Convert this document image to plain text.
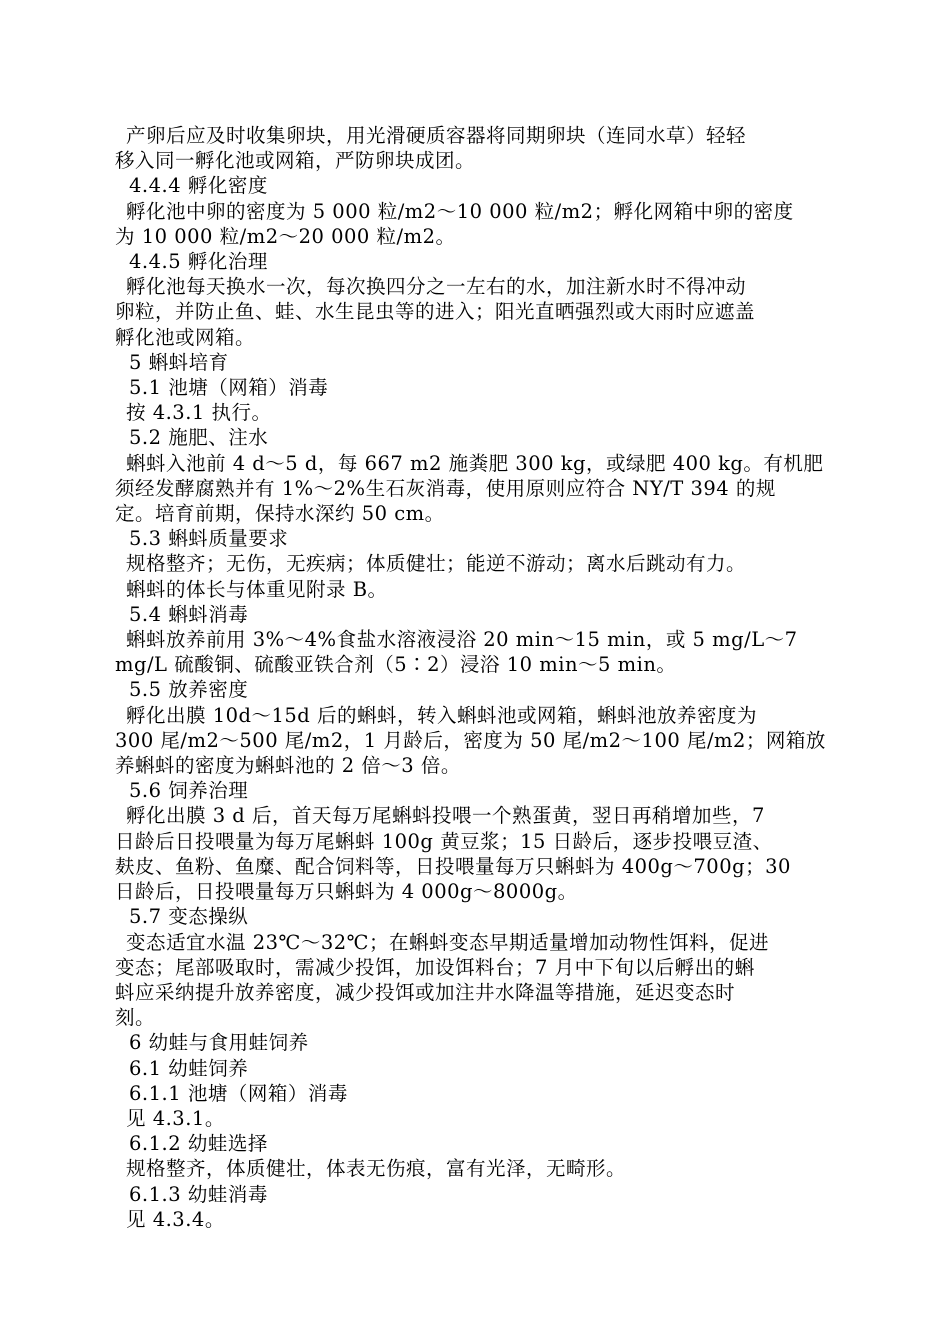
产卵后应及时收集卵块，用光滑硬质容器将同期卵块（连同水草）轻轻

移入同一孵化池或网箱，严防卵块成团。

4.4.4 孵化密度

孵化池中卵的密度为 5 000 粒/m2～10 000 粒/m2；孵化网箱中卵的密度

为 10 000 粒/m2～20 000 粒/m2。

4.4.5 孵化治理

孵化池每天换水一次，每次换四分之一左右的水，加注新水时不得冲动

卵粒，并防止鱼、蛙、水生昆虫等的进入；阳光直晒强烈或大雨时应遮盖

孵化池或网箱。

5 蝌蚪培育

5.1 池塘（网箱）消毒

按 4.3.1 执行。

5.2 施肥、注水

蝌蚪入池前 4 d～5 d，每 667 m2 施粪肥 300 kg，或绿肥 400 kg。有机肥

须经发酵腐熟并有 1%～2%生石灰消毒，使用原则应符合 NY/T 394 的规

定。培育前期，保持水深约 50 cm。

5.3 蝌蚪质量要求

规格整齐；无伤，无疾病；体质健壮；能逆不游动；离水后跳动有力。

蝌蚪的体长与体重见附录 B。

5.4 蝌蚪消毒

蝌蚪放养前用 3%～4%食盐水溶液浸浴 20 min～15 min，或 5 mg/L～7

mg/L 硫酸铜、硫酸亚铁合剂（5∶2）浸浴 10 min～5 min。

5.5 放养密度

孵化出膜 10d～15d 后的蝌蚪，转入蝌蚪池或网箱，蝌蚪池放养密度为

300 尾/m2～500 尾/m2，1 月龄后，密度为 50 尾/m2～100 尾/m2；网箱放

养蝌蚪的密度为蝌蚪池的 2 倍～3 倍。

5.6 饲养治理

孵化出膜 3 d 后，首天每万尾蝌蚪投喂一个熟蛋黄，翌日再稍增加些，7

日龄后日投喂量为每万尾蝌蚪 100g 黄豆浆；15 日龄后，逐步投喂豆渣、

麸皮、鱼粉、鱼糜、配合饲料等，日投喂量每万只蝌蚪为 400g～700g；30

日龄后，日投喂量每万只蝌蚪为 4 000g～8000g。

5.7 变态操纵

变态适宜水温 23℃～32℃；在蝌蚪变态早期适量增加动物性饵料，促进

变态；尾部吸取时，需减少投饵，加设饵料台；7 月中下旬以后孵出的蝌

蚪应采纳提升放养密度，减少投饵或加注井水降温等措施，延迟变态时

刻。

6 幼蛙与食用蛙饲养

6.1 幼蛙饲养

6.1.1 池塘（网箱）消毒

见 4.3.1。

6.1.2 幼蛙选择

规格整齐，体质健壮，体表无伤痕，富有光泽，无畸形。

6.1.3 幼蛙消毒

见 4.3.4。
